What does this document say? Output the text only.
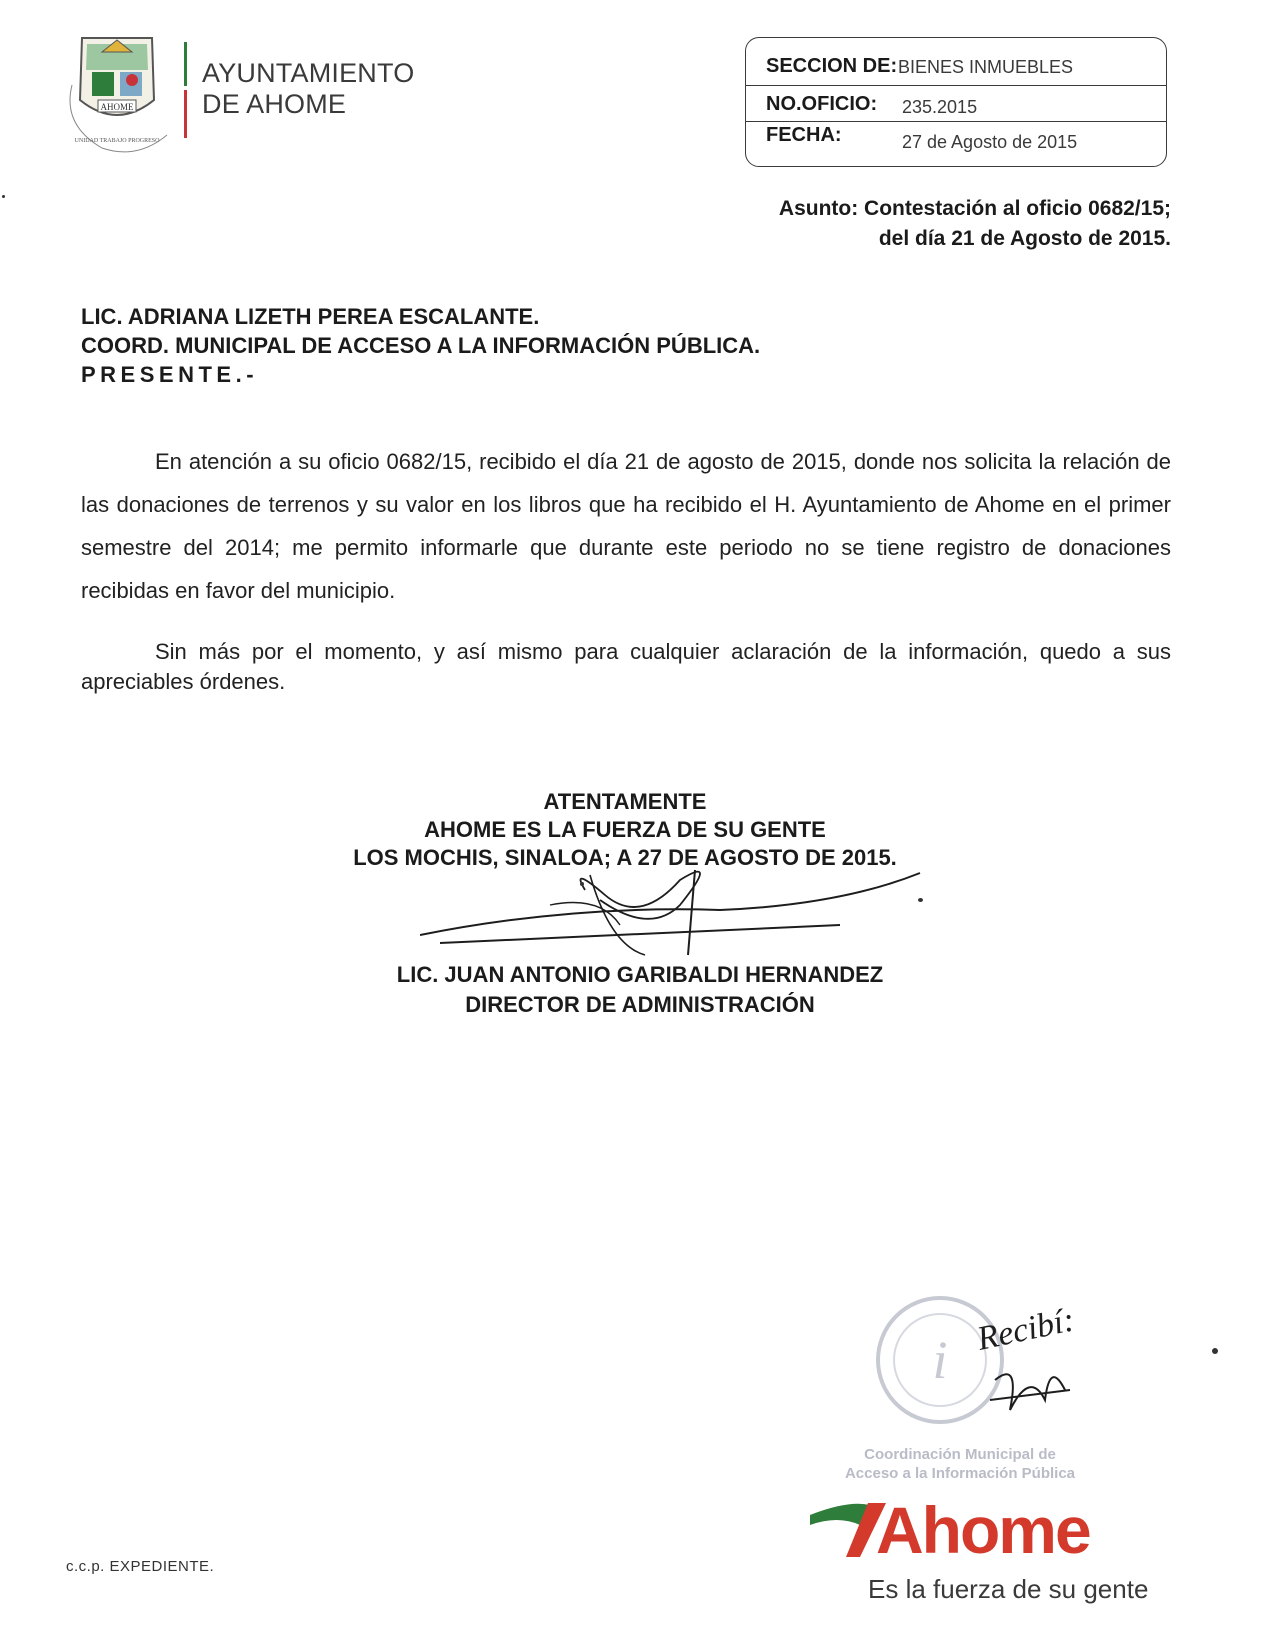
AHOME
UNIDAD TRABAJO PROGRESO
AYUNTAMIENTO
DE AHOME
SECCION DE: BIENES INMUEBLES
NO.OFICIO: 235.2015
FECHA:	27 de Agosto de 2015
Asunto: Contestación al oficio 0682/15;
del día 21 de Agosto de 2015.
LIC. ADRIANA LIZETH PEREA ESCALANTE.
COORD. MUNICIPAL DE ACCESO A LA INFORMACIÓN PÚBLICA.
PRESENTE.-

En atención a su oficio 0682/15, recibido el día 21 de agosto de 2015, donde nos solicita la relación de las donaciones de terrenos y su valor en los libros que ha recibido el H. Ayuntamiento de Ahome en el primer semestre del 2014; me permito informarle que durante este periodo no se tiene registro de donaciones recibidas en favor del municipio.

Sin más por el momento, y así mismo para cualquier aclaración de la información, quedo a sus apreciables órdenes.

ATENTAMENTE
AHOME ES LA FUERZA DE SU GENTE
LOS MOCHIS, SINALOA; A 27 DE AGOSTO DE 2015.
LIC. JUAN ANTONIO GARIBALDI HERNANDEZ
DIRECTOR DE ADMINISTRACIÓN
i
Recibí:
Coordinación Municipal de
Acceso a la Información Pública
Ahome
Es la fuerza de su gente
c.c.p. EXPEDIENTE.
